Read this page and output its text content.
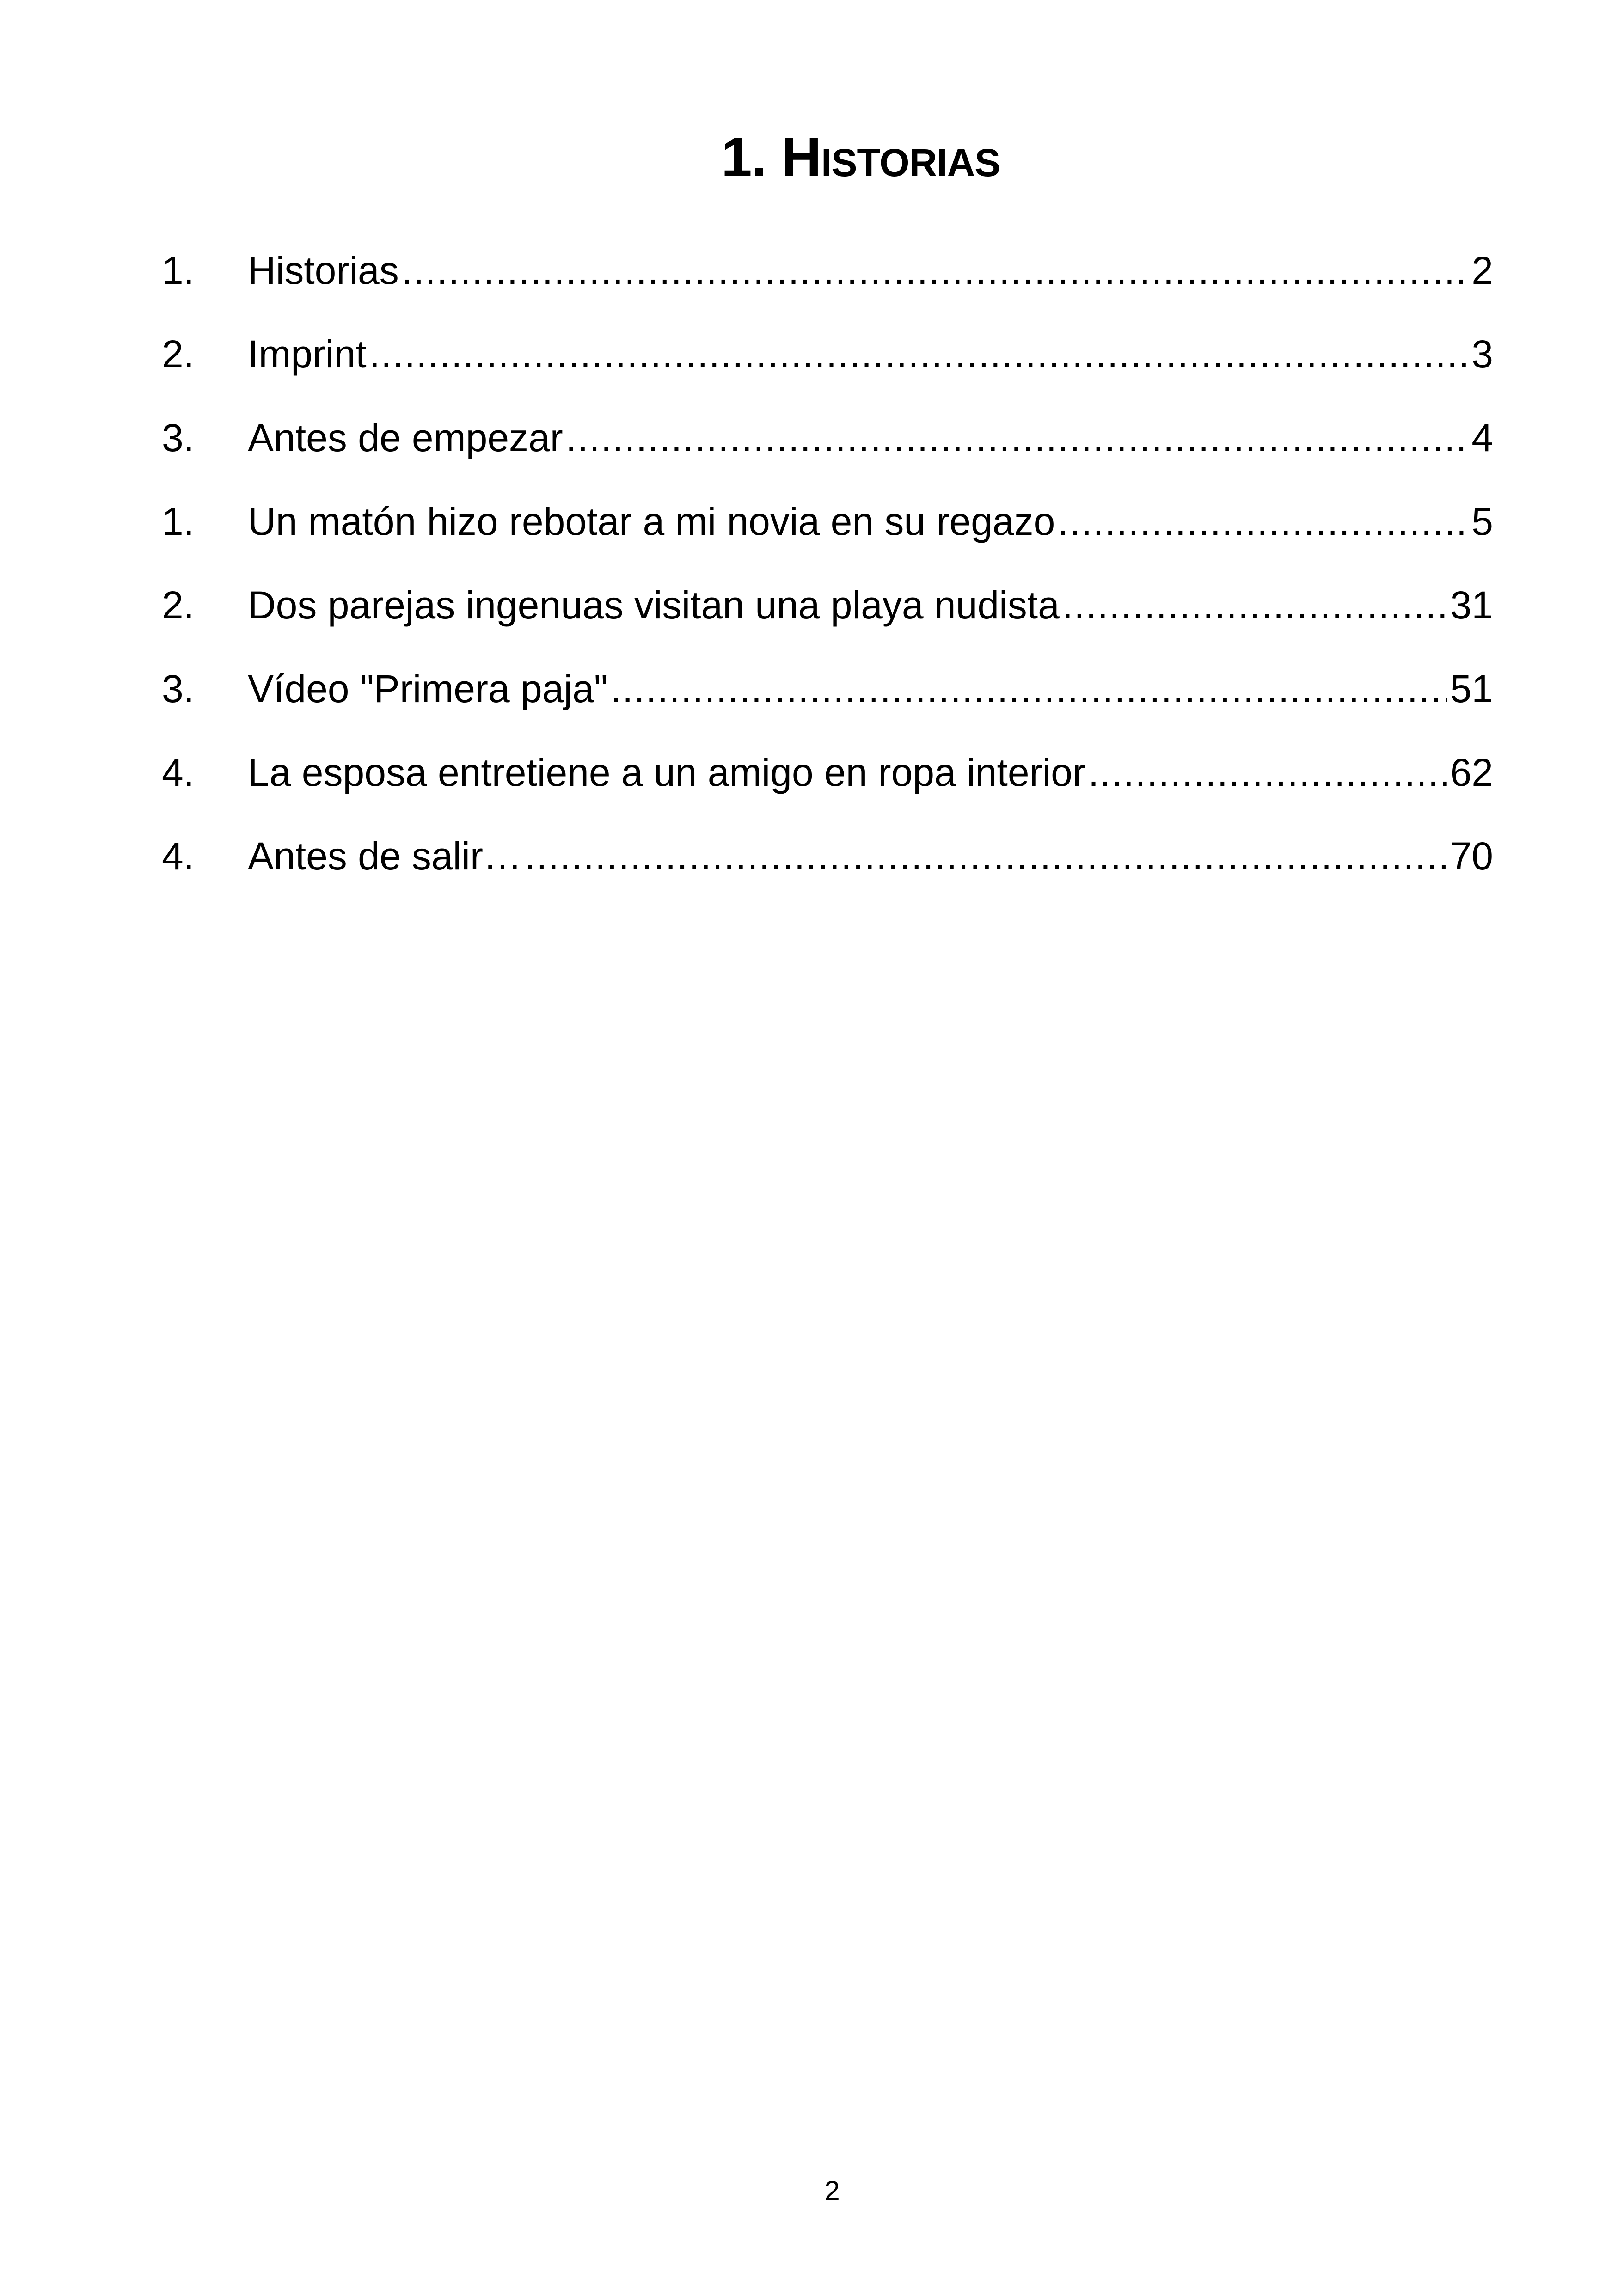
1. Historias
1.	Historias .....	2
2.	Imprint .....	3
3.	Antes de empezar .....	4
1.	Un matón hizo rebotar a mi novia en su regazo .....	5
2.	Dos parejas ingenuas visitan una playa nudista .....	31
3.	Vídeo "Primera paja" .....	51
4.	La esposa entretiene a un amigo en ropa interior .....	62
4.	Antes de salir… .....	70
2
